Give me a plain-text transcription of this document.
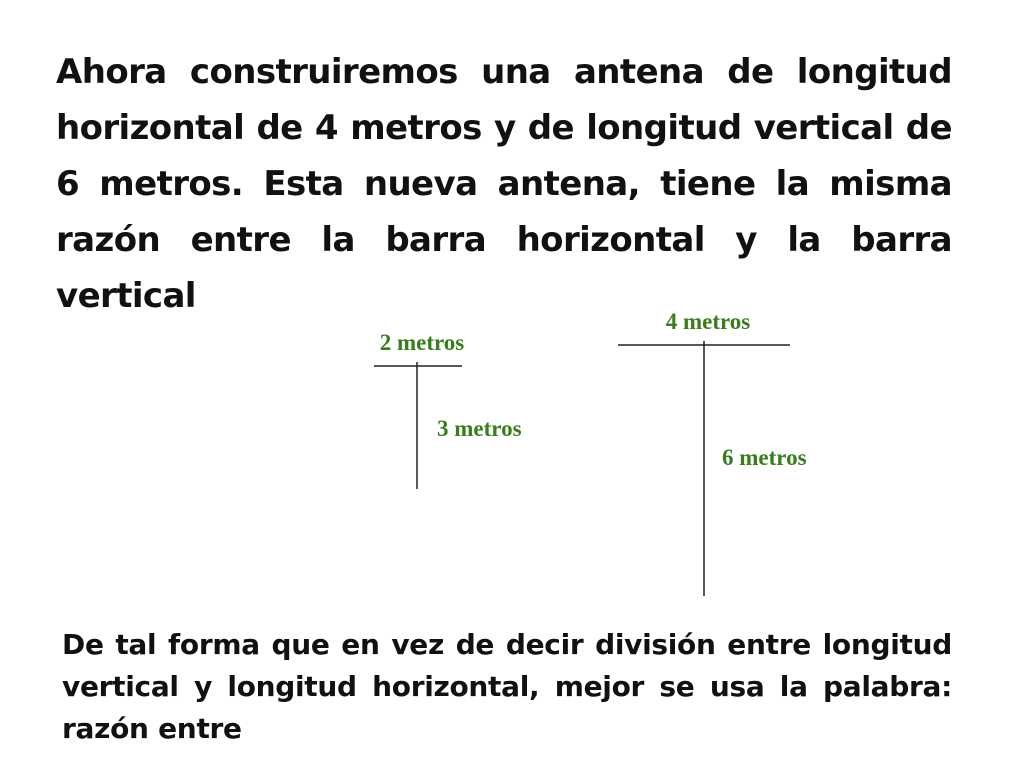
Ahora construiremos una antena de longitud horizontal de 4 metros y de longitud vertical de 6 metros. Esta nueva antena, tiene la misma razón entre la barra horizontal y la barra vertical

2 metros
3 metros
4 metros
6 metros

De tal forma que en vez de decir división entre longitud vertical y longitud horizontal, mejor se usa la palabra: razón entre
